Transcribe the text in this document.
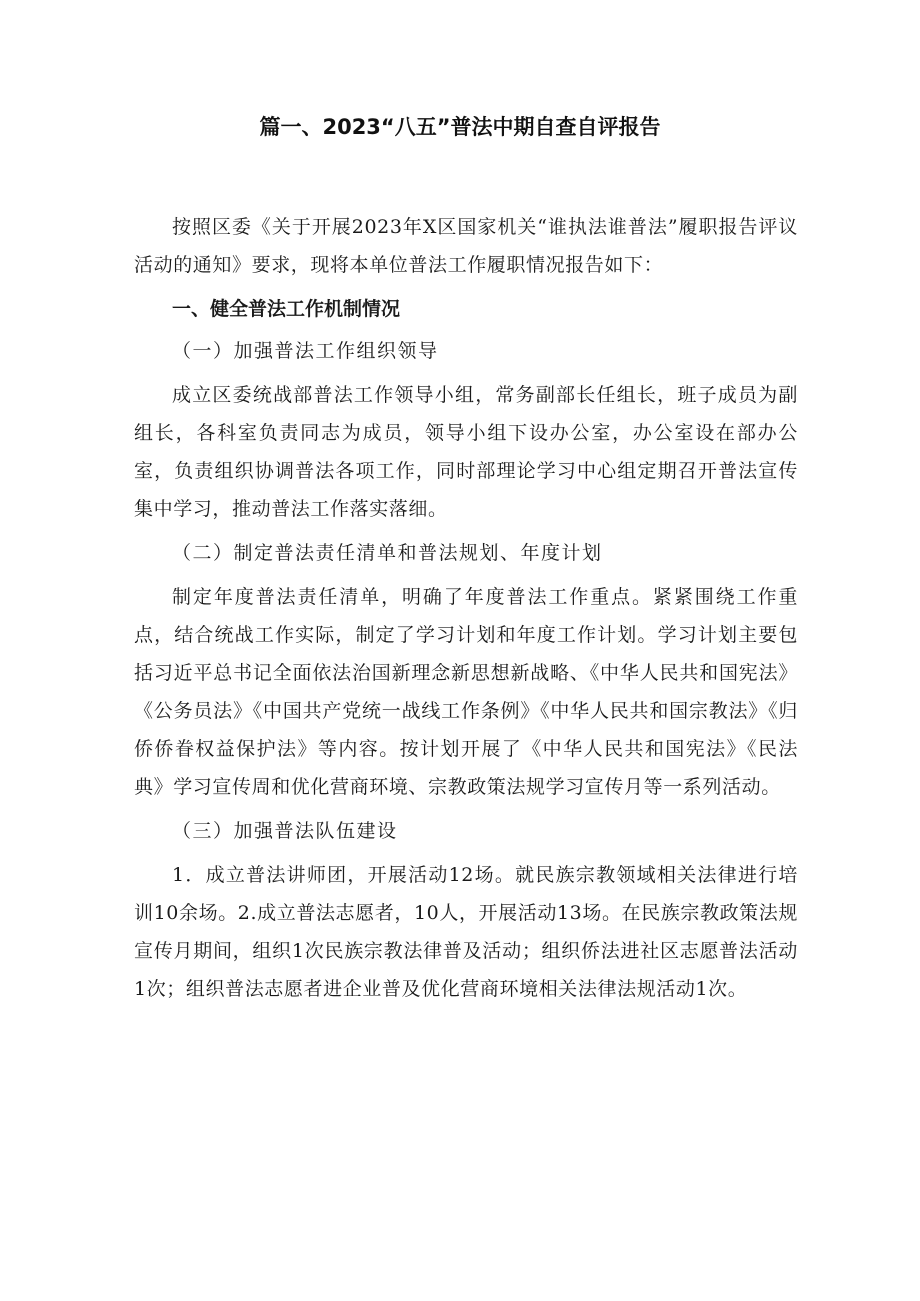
篇一、2023“八五”普法中期自查自评报告

按照区委《关于开展2023年X区国家机关“谁执法谁普法”履职报告评议活动的通知》要求，现将本单位普法工作履职情况报告如下：

一、健全普法工作机制情况
（一）加强普法工作组织领导

成立区委统战部普法工作领导小组，常务副部长任组长，班子成员为副组长，各科室负责同志为成员，领导小组下设办公室，办公室设在部办公室，负责组织协调普法各项工作，同时部理论学习中心组定期召开普法宣传集中学习，推动普法工作落实落细。

（二）制定普法责任清单和普法规划、年度计划

制定年度普法责任清单，明确了年度普法工作重点。紧紧围绕工作重点，结合统战工作实际，制定了学习计划和年度工作计划。学习计划主要包括习近平总书记全面依法治国新理念新思想新战略、《中华人民共和国宪法》《公务员法》《中国共产党统一战线工作条例》《中华人民共和国宗教法》《归侨侨眷权益保护法》等内容。按计划开展了《中华人民共和国宪法》《民法典》学习宣传周和优化营商环境、宗教政策法规学习宣传月等一系列活动。

（三）加强普法队伍建设

1．成立普法讲师团，开展活动12场。就民族宗教领域相关法律进行培训10余场。2.成立普法志愿者，10人，开展活动13场。在民族宗教政策法规宣传月期间，组织1次民族宗教法律普及活动；组织侨法进社区志愿普法活动1次；组织普法志愿者进企业普及优化营商环境相关法律法规活动1次。
